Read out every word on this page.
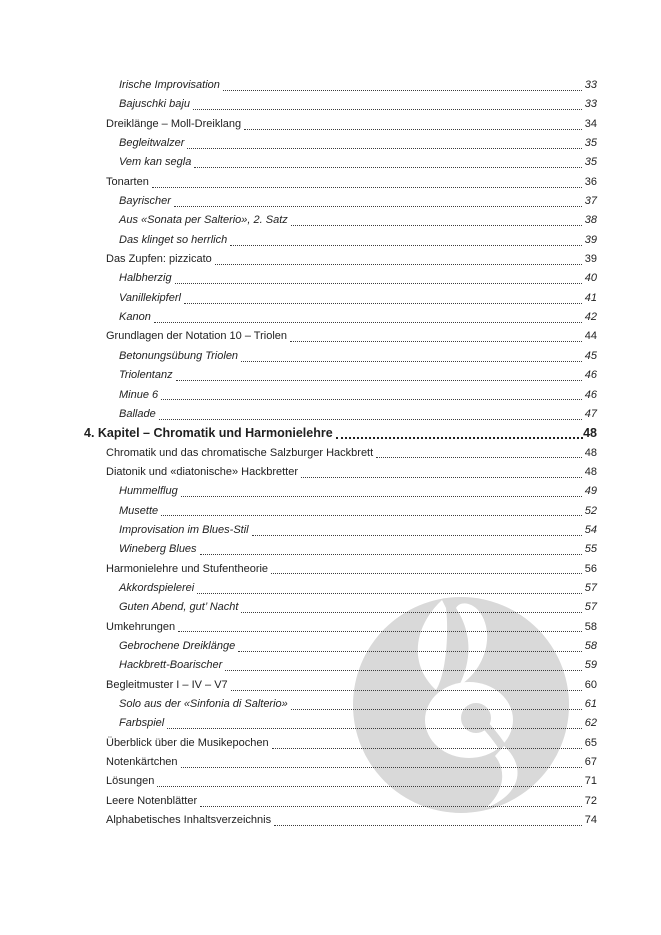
Irische Improvisation	33
Bajuschki baju	33
Dreiklänge – Moll-Dreiklang	34
Begleitwalzer	35
Vem kan segla	35
Tonarten	36
Bayrischer	37
Aus «Sonata per Salterio», 2. Satz	38
Das klinget so herrlich	39
Das Zupfen: pizzicato	39
Halbherzig	40
Vanillekipferl	41
Kanon	42
Grundlagen der Notation 10 – Triolen	44
Betonungsübung Triolen	45
Triolentanz	46
Minue 6	46
Ballade	47
4. Kapitel – Chromatik und Harmonielehre	48
Chromatik und das chromatische Salzburger Hackbrett	48
Diatonik und «diatonische» Hackbretter	48
Hummelflug	49
Musette	52
Improvisation im Blues-Stil	54
Wineberg Blues	55
Harmonielehre und Stufentheorie	56
Akkordspielerei	57
Guten Abend, gut’ Nacht	57
Umkehrungen	58
Gebrochene Dreiklänge	58
Hackbrett-Boarischer	59
Begleitmuster I – IV – V7	60
Solo aus der «Sinfonia di Salterio»	61
Farbspiel	62
Überblick über die Musikepochen	65
Notenkärtchen	67
Lösungen	71
Leere Notenblätter	72
Alphabetisches Inhaltsverzeichnis	74
